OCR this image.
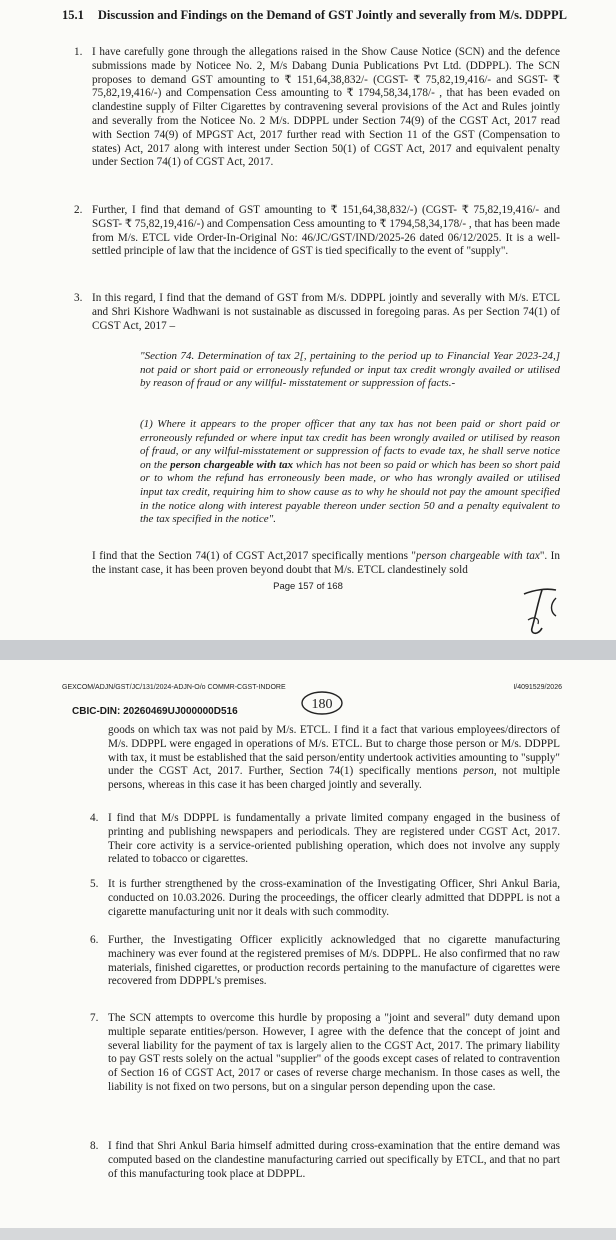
15.1 Discussion and Findings on the Demand of GST Jointly and severally from M/s. DDPPL
1. I have carefully gone through the allegations raised in the Show Cause Notice (SCN) and the defence submissions made by Noticee No. 2, M/s Dabang Dunia Publications Pvt Ltd. (DDPPL). The SCN proposes to demand GST amounting to ₹ 151,64,38,832/- (CGST- ₹ 75,82,19,416/- and SGST- ₹ 75,82,19,416/-) and Compensation Cess amounting to ₹ 1794,58,34,178/- , that has been evaded on clandestine supply of Filter Cigarettes by contravening several provisions of the Act and Rules jointly and severally from the Noticee No. 2 M/s. DDPPL under Section 74(9) of the CGST Act, 2017 read with Section 74(9) of MPGST Act, 2017 further read with Section 11 of the GST (Compensation to states) Act, 2017 along with interest under Section 50(1) of CGST Act, 2017 and equivalent penalty under Section 74(1) of CGST Act, 2017.
2. Further, I find that demand of GST amounting to ₹ 151,64,38,832/-) (CGST- ₹ 75,82,19,416/- and SGST- ₹ 75,82,19,416/-) and Compensation Cess amounting to ₹ 1794,58,34,178/- , that has been made from M/s. ETCL vide Order-In-Original No: 46/JC/GST/IND/2025-26 dated 06/12/2025. It is a well-settled principle of law that the incidence of GST is tied specifically to the event of "supply".
3. In this regard, I find that the demand of GST from M/s. DDPPL jointly and severally with M/s. ETCL and Shri Kishore Wadhwani is not sustainable as discussed in foregoing paras. As per Section 74(1) of CGST Act, 2017 –
"Section 74. Determination of tax 2[, pertaining to the period up to Financial Year 2023-24,] not paid or short paid or erroneously refunded or input tax credit wrongly availed or utilised by reason of fraud or any willful- misstatement or suppression of facts.-
(1) Where it appears to the proper officer that any tax has not been paid or short paid or erroneously refunded or where input tax credit has been wrongly availed or utilised by reason of fraud, or any wilful-misstatement or suppression of facts to evade tax, he shall serve notice on the person chargeable with tax which has not been so paid or which has been so short paid or to whom the refund has erroneously been made, or who has wrongly availed or utilised input tax credit, requiring him to show cause as to why he should not pay the amount specified in the notice along with interest payable thereon under section 50 and a penalty equivalent to the tax specified in the notice".
I find that the Section 74(1) of CGST Act,2017 specifically mentions "person chargeable with tax". In the instant case, it has been proven beyond doubt that M/s. ETCL clandestinely sold
Page 157 of 168
GEXCOM/ADJN/GST/JC/131/2024-ADJN-O/o COMMR-CGST-INDORE	I/4091529/2026
180
CBIC-DIN: 20260469UJ000000D516
goods on which tax was not paid by M/s. ETCL. I find it a fact that various employees/directors of M/s. DDPPL were engaged in operations of M/s. ETCL. But to charge those person or M/s. DDPPL with tax, it must be established that the said person/entity undertook activities amounting to "supply" under the CGST Act, 2017. Further, Section 74(1) specifically mentions person, not multiple persons, whereas in this case it has been charged jointly and severally.
4. I find that M/s DDPPL is fundamentally a private limited company engaged in the business of printing and publishing newspapers and periodicals. They are registered under CGST Act, 2017. Their core activity is a service-oriented publishing operation, which does not involve any supply related to tobacco or cigarettes.
5. It is further strengthened by the cross-examination of the Investigating Officer, Shri Ankul Baria, conducted on 10.03.2026. During the proceedings, the officer clearly admitted that DDPPL is not a cigarette manufacturing unit nor it deals with such commodity.
6. Further, the Investigating Officer explicitly acknowledged that no cigarette manufacturing machinery was ever found at the registered premises of M/s. DDPPL. He also confirmed that no raw materials, finished cigarettes, or production records pertaining to the manufacture of cigarettes were recovered from DDPPL's premises.
7. The SCN attempts to overcome this hurdle by proposing a "joint and several" duty demand upon multiple separate entities/person. However, I agree with the defence that the concept of joint and several liability for the payment of tax is largely alien to the CGST Act, 2017. The primary liability to pay GST rests solely on the actual "supplier" of the goods except cases of related to contravention of Section 16 of CGST Act, 2017 or cases of reverse charge mechanism. In those cases as well, the liability is not fixed on two persons, but on a singular person depending upon the case.
8. I find that Shri Ankul Baria himself admitted during cross-examination that the entire demand was computed based on the clandestine manufacturing carried out specifically by ETCL, and that no part of this manufacturing took place at DDPPL.
